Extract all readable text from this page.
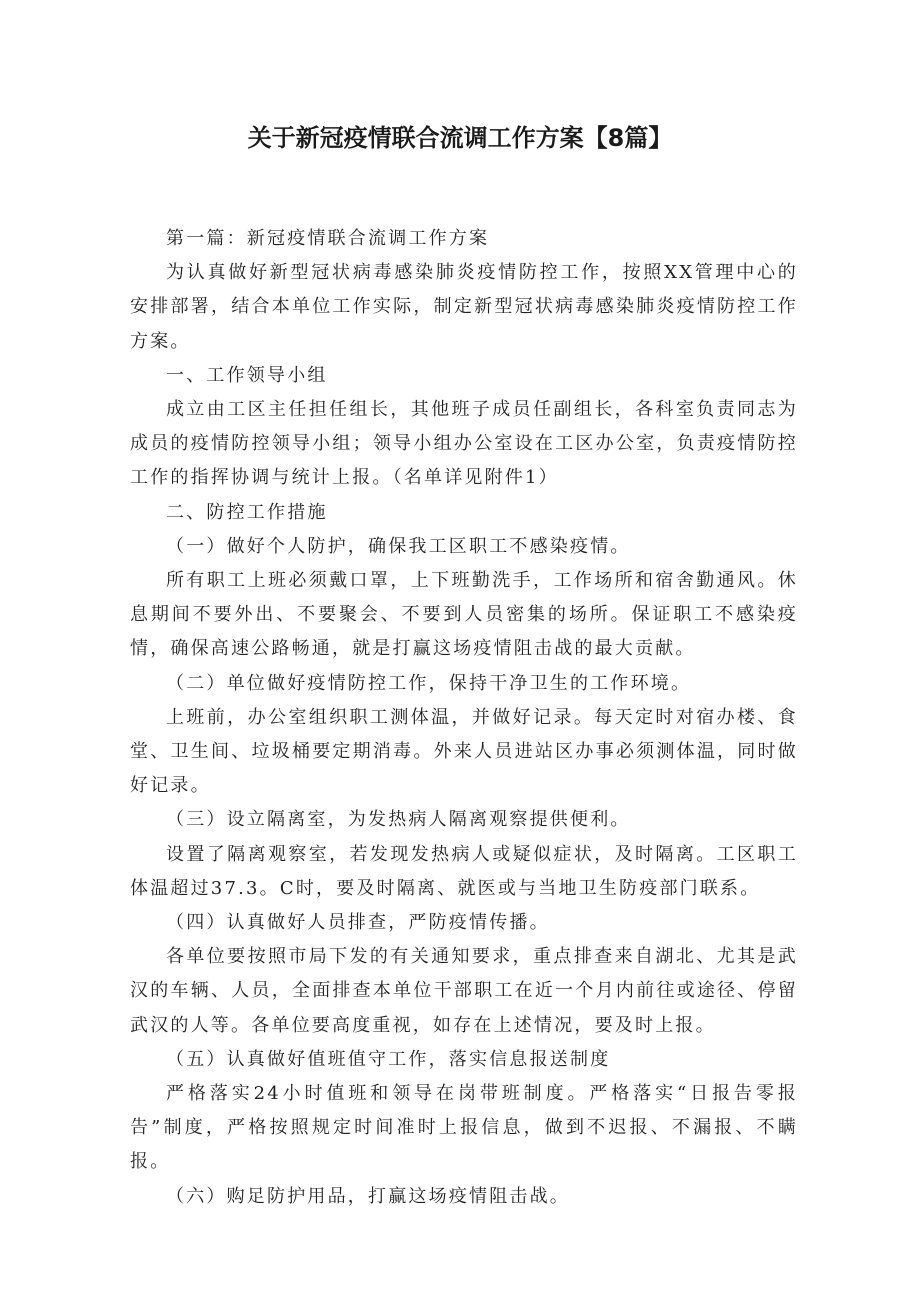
关于新冠疫情联合流调工作方案【8篇】

第一篇：新冠疫情联合流调工作方案

为认真做好新型冠状病毒感染肺炎疫情防控工作，按照XX管理中心的安排部署，结合本单位工作实际，制定新型冠状病毒感染肺炎疫情防控工作方案。

一、工作领导小组

成立由工区主任担任组长，其他班子成员任副组长，各科室负责同志为成员的疫情防控领导小组；领导小组办公室设在工区办公室，负责疫情防控工作的指挥协调与统计上报。（名单详见附件1）

二、防控工作措施

（一）做好个人防护，确保我工区职工不感染疫情。

所有职工上班必须戴口罩，上下班勤洗手，工作场所和宿舍勤通风。休息期间不要外出、不要聚会、不要到人员密集的场所。保证职工不感染疫情，确保高速公路畅通，就是打赢这场疫情阻击战的最大贡献。

（二）单位做好疫情防控工作，保持干净卫生的工作环境。

上班前，办公室组织职工测体温，并做好记录。每天定时对宿办楼、食堂、卫生间、垃圾桶要定期消毒。外来人员进站区办事必须测体温，同时做好记录。

（三）设立隔离室，为发热病人隔离观察提供便利。

设置了隔离观察室，若发现发热病人或疑似症状，及时隔离。工区职工体温超过37.3。C时，要及时隔离、就医或与当地卫生防疫部门联系。

（四）认真做好人员排查，严防疫情传播。

各单位要按照市局下发的有关通知要求，重点排查来自湖北、尤其是武汉的车辆、人员，全面排查本单位干部职工在近一个月内前往或途径、停留武汉的人等。各单位要高度重视，如存在上述情况，要及时上报。

（五）认真做好值班值守工作，落实信息报送制度

严格落实24小时值班和领导在岗带班制度。严格落实“日报告零报告”制度，严格按照规定时间准时上报信息，做到不迟报、不漏报、不瞒报。

（六）购足防护用品，打赢这场疫情阻击战。
